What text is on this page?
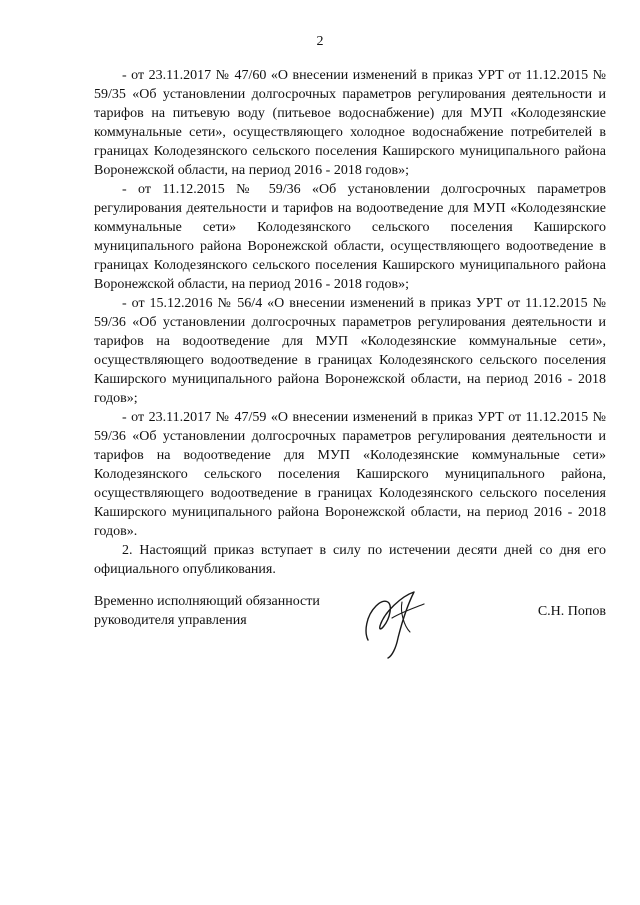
2

- от 23.11.2017 № 47/60 «О внесении изменений в приказ УРТ от 11.12.2015 № 59/35 «Об установлении долгосрочных параметров регулирования деятельности и тарифов на питьевую воду (питьевое водоснабжение) для МУП «Колодезянские коммунальные сети», осуществляющего холодное водоснабжение потребителей в границах Колодезянского сельского поселения Каширского муниципального района Воронежской области, на период 2016 - 2018 годов»;

- от 11.12.2015 № 59/36 «Об установлении долгосрочных параметров регулирования деятельности и тарифов на водоотведение для МУП «Колодезянские коммунальные сети» Колодезянского сельского поселения Каширского муниципального района Воронежской области, осуществляющего водоотведение в границах Колодезянского сельского поселения Каширского муниципального района Воронежской области, на период 2016 - 2018 годов»;

- от 15.12.2016 № 56/4 «О внесении изменений в приказ УРТ от 11.12.2015 № 59/36 «Об установлении долгосрочных параметров регулирования деятельности и тарифов на водоотведение для МУП «Колодезянские коммунальные сети», осуществляющего водоотведение в границах Колодезянского сельского поселения Каширского муниципального района Воронежской области, на период 2016 - 2018 годов»;

- от 23.11.2017 № 47/59 «О внесении изменений в приказ УРТ от 11.12.2015 № 59/36 «Об установлении долгосрочных параметров регулирования деятельности и тарифов на водоотведение для МУП «Колодезянские коммунальные сети» Колодезянского сельского поселения Каширского муниципального района, осуществляющего водоотведение в границах Колодезянского сельского поселения Каширского муниципального района Воронежской области, на период 2016 - 2018 годов».

2. Настоящий приказ вступает в силу по истечении десяти дней со дня его официального опубликования.

Временно исполняющий обязанности
руководителя управления
С.Н. Попов
